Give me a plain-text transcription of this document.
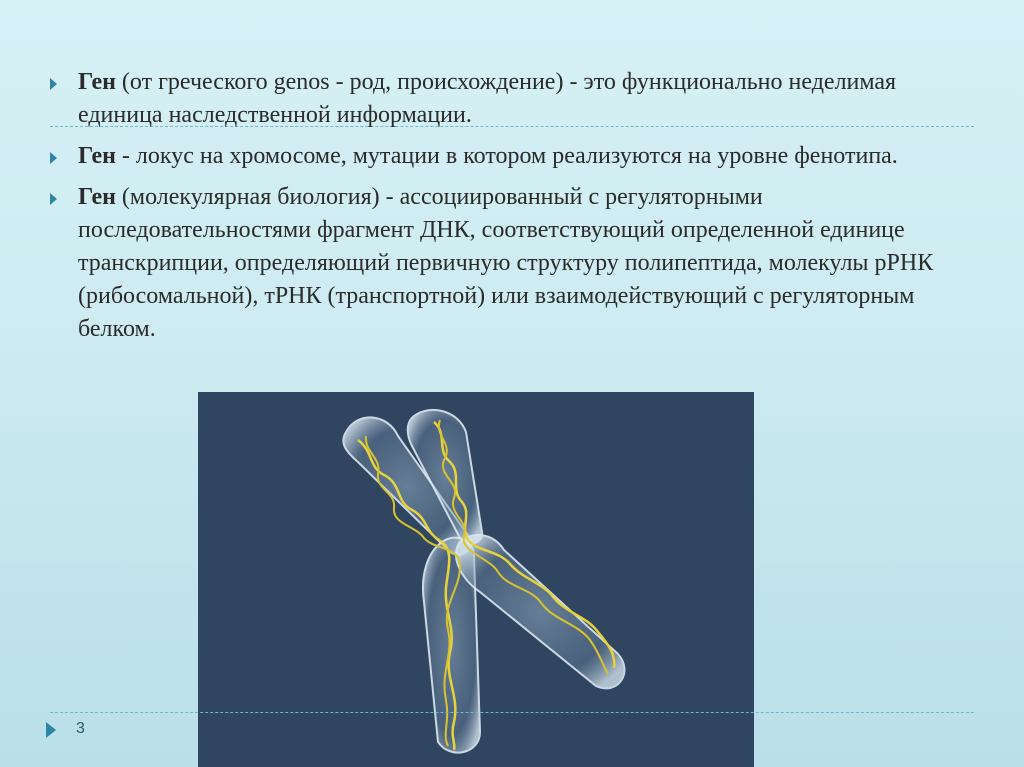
Ген (от греческого genos - род, происхождение) - это функционально неделимая единица наследственной информации.
Ген - локус на хромосоме, мутации в котором реализуются на уровне фенотипа.
Ген (молекулярная биология) - ассоциированный с регуляторными последовательностями фрагмент ДНК, соответствующий определенной единице транскрипции, определяющий первичную структуру полипептида, молекулы рРНК (рибосомальной), тРНК (транспортной) или взаимодействующий с регуляторным белком.
3
